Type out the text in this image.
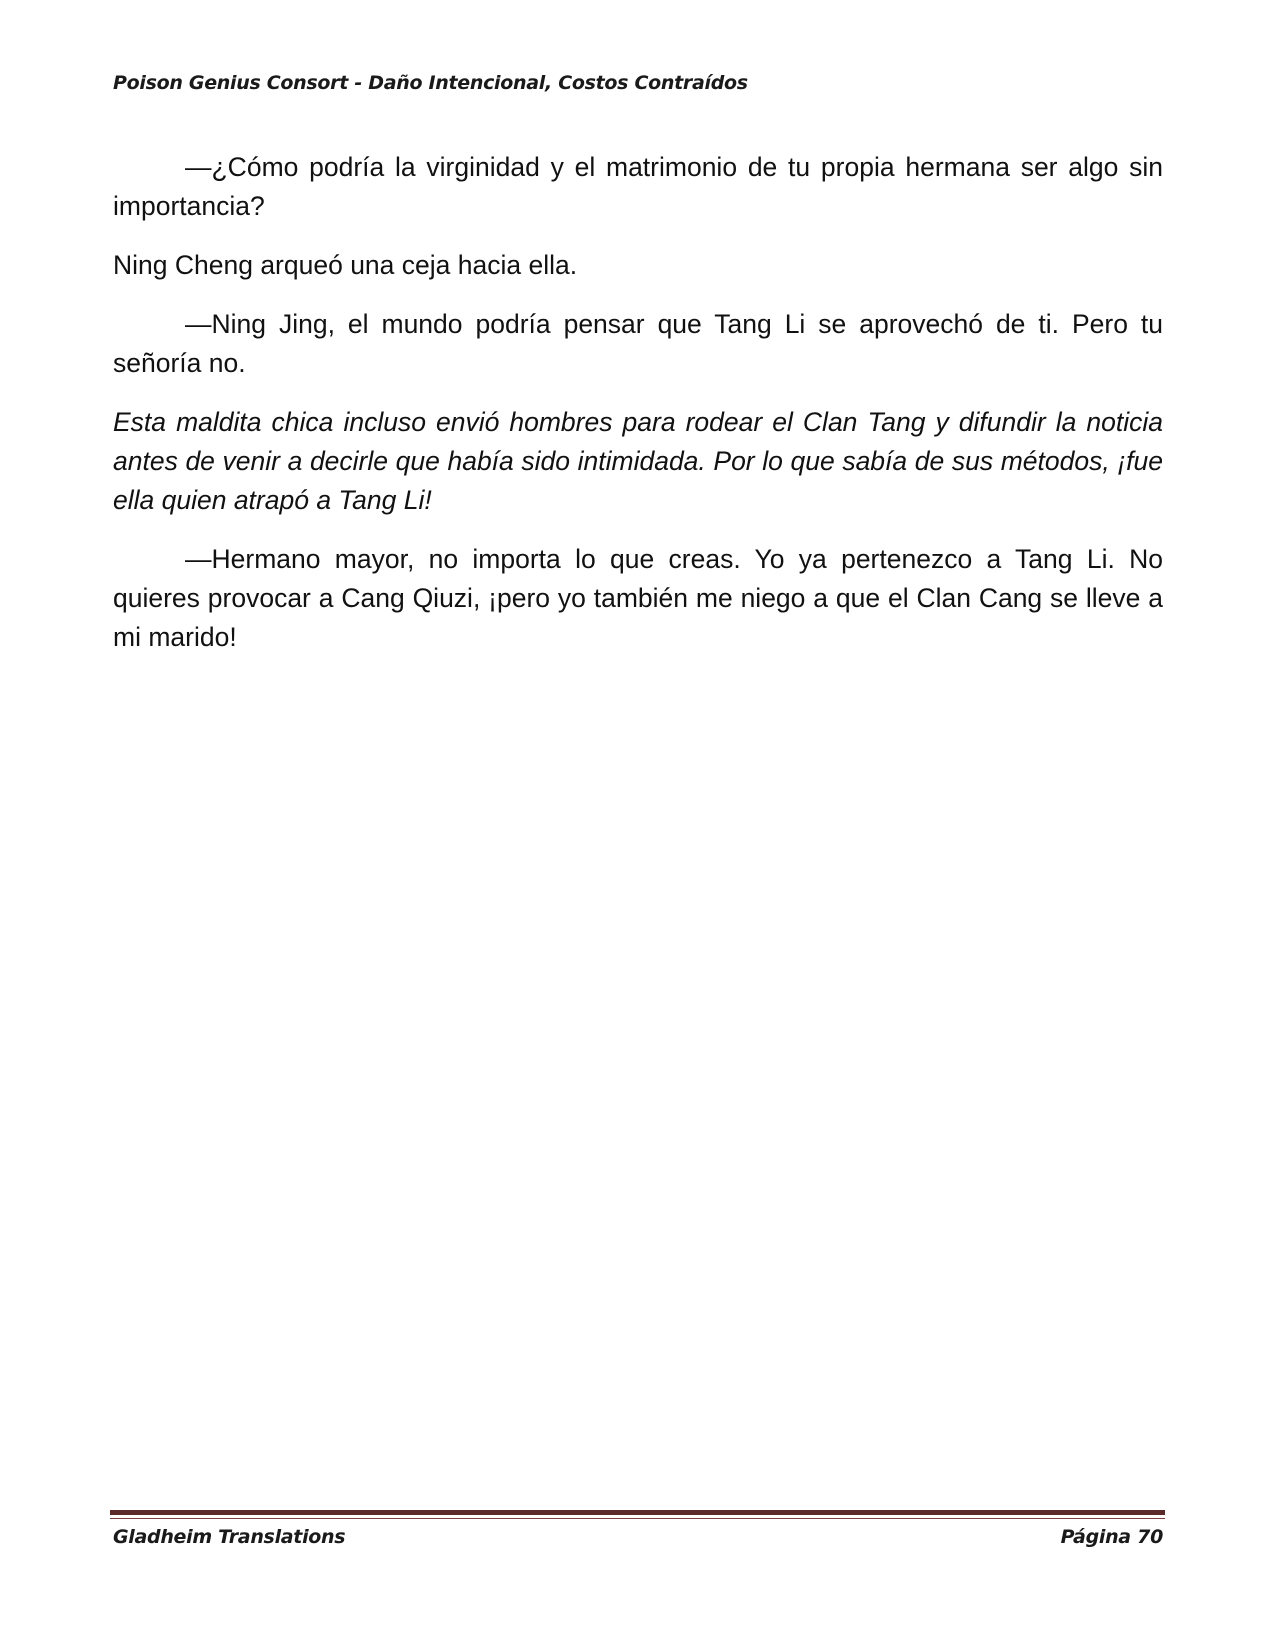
Poison Genius Consort - Daño Intencional, Costos Contraídos

—¿Cómo podría la virginidad y el matrimonio de tu propia hermana ser algo sin importancia?

Ning Cheng arqueó una ceja hacia ella.

—Ning Jing, el mundo podría pensar que Tang Li se aprovechó de ti. Pero tu señoría no.

Esta maldita chica incluso envió hombres para rodear el Clan Tang y difundir la noticia antes de venir a decirle que había sido intimidada. Por lo que sabía de sus métodos, ¡fue ella quien atrapó a Tang Li!

—Hermano mayor, no importa lo que creas. Yo ya pertenezco a Tang Li. No quieres provocar a Cang Qiuzi, ¡pero yo también me niego a que el Clan Cang se lleve a mi marido!

Gladheim Translations	Página 70
